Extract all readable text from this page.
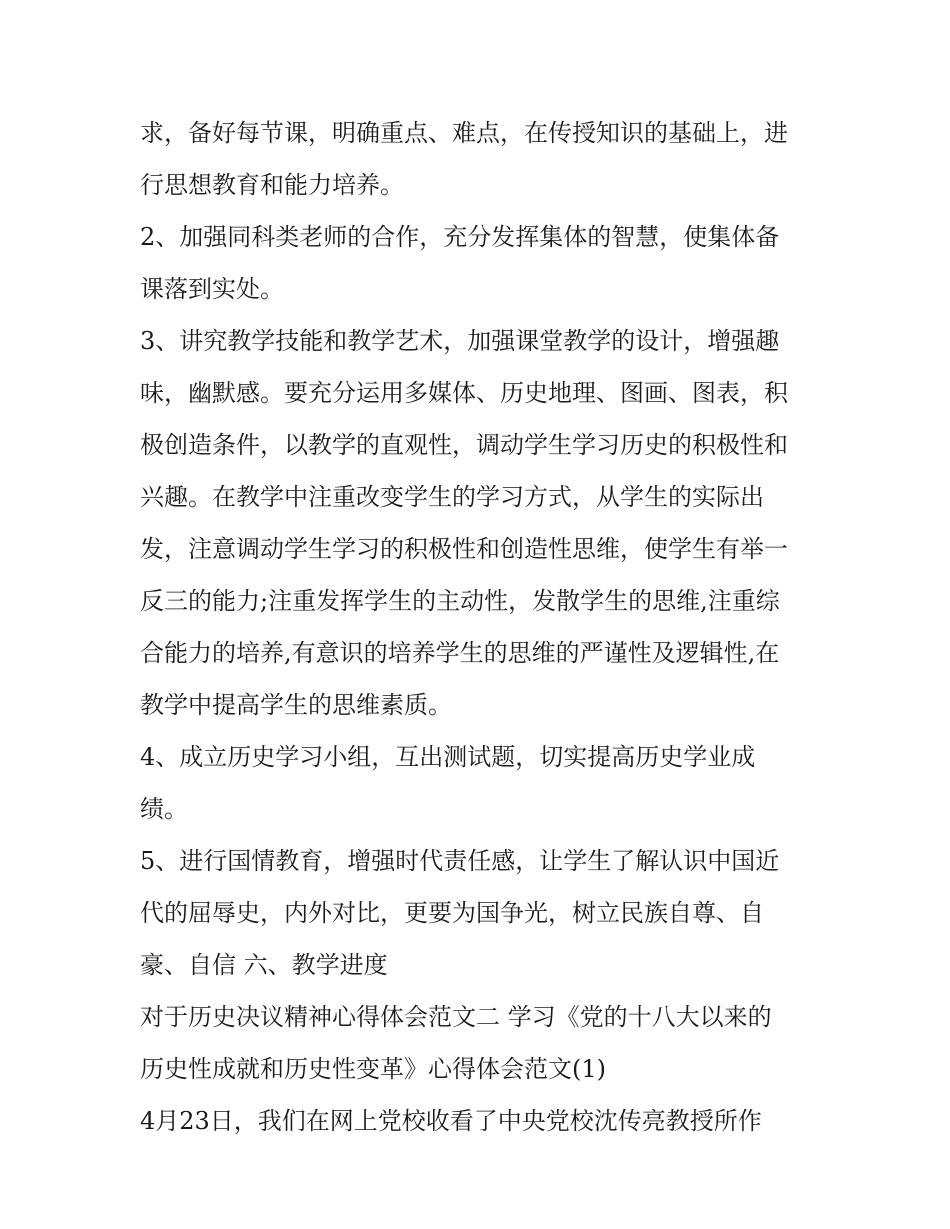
求，备好每节课，明确重点、难点，在传授知识的基础上，进
行思想教育和能力培养。
2、加强同科类老师的合作，充分发挥集体的智慧，使集体备
课落到实处。
3、讲究教学技能和教学艺术，加强课堂教学的设计，增强趣
味，幽默感。要充分运用多媒体、历史地理、图画、图表，积
极创造条件，以教学的直观性，调动学生学习历史的积极性和
兴趣。在教学中注重改变学生的学习方式，从学生的实际出
发，注意调动学生学习的积极性和创造性思维，使学生有举一
反三的能力;注重发挥学生的主动性，发散学生的思维,注重综
合能力的培养,有意识的培养学生的思维的严谨性及逻辑性,在
教学中提高学生的思维素质。
4、成立历史学习小组，互出测试题，切实提高历史学业成
绩。
5、进行国情教育，增强时代责任感，让学生了解认识中国近
代的屈辱史，内外对比，更要为国争光，树立民族自尊、自
豪、自信 六、教学进度
对于历史决议精神心得体会范文二 学习《党的十八大以来的
历史性成就和历史性变革》心得体会范文(1)
4月23日，我们在网上党校收看了中央党校沈传亮教授所作
